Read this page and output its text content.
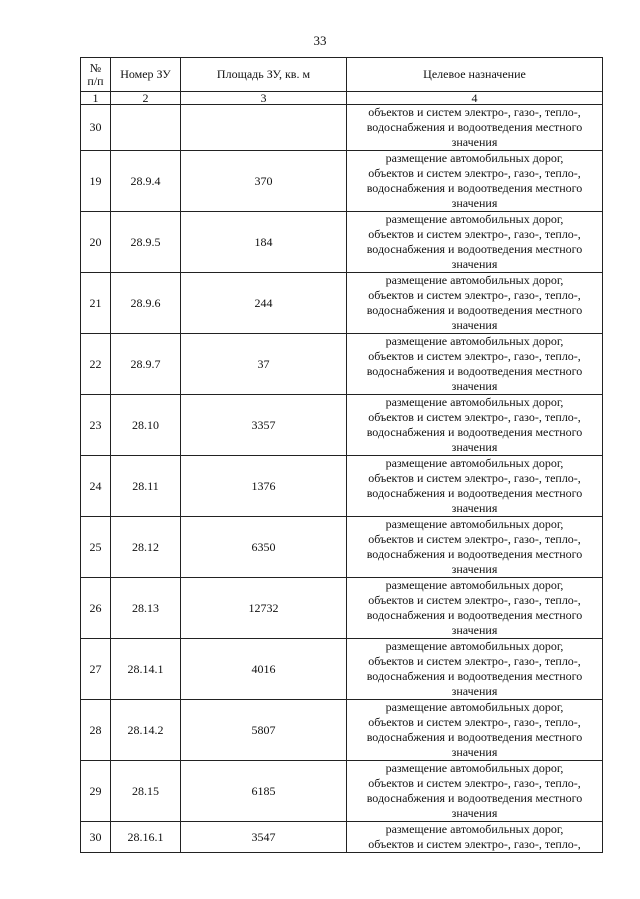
33
№
п/п	Номер ЗУ	Площадь ЗУ, кв. м	Целевое назначение
1	2	3	4
30			объектов и систем электро-, газо-, тепло-,
водоснабжения и водоотведения местного
значения

19	28.9.4	370	размещение автомобильных дорог,
объектов и систем электро-, газо-, тепло-,
водоснабжения и водоотведения местного
значения

20	28.9.5	184	размещение автомобильных дорог,
объектов и систем электро-, газо-, тепло-,
водоснабжения и водоотведения местного
значения

21	28.9.6	244	размещение автомобильных дорог,
объектов и систем электро-, газо-, тепло-,
водоснабжения и водоотведения местного
значения

22	28.9.7	37	размещение автомобильных дорог,
объектов и систем электро-, газо-, тепло-,
водоснабжения и водоотведения местного
значения

23	28.10	3357	размещение автомобильных дорог,
объектов и систем электро-, газо-, тепло-,
водоснабжения и водоотведения местного
значения

24	28.11	1376	размещение автомобильных дорог,
объектов и систем электро-, газо-, тепло-,
водоснабжения и водоотведения местного
значения

25	28.12	6350	размещение автомобильных дорог,
объектов и систем электро-, газо-, тепло-,
водоснабжения и водоотведения местного
значения

26	28.13	12732	размещение автомобильных дорог,
объектов и систем электро-, газо-, тепло-,
водоснабжения и водоотведения местного
значения

27	28.14.1	4016	размещение автомобильных дорог,
объектов и систем электро-, газо-, тепло-,
водоснабжения и водоотведения местного
значения

28	28.14.2	5807	размещение автомобильных дорог,
объектов и систем электро-, газо-, тепло-,
водоснабжения и водоотведения местного
значения

29	28.15	6185	размещение автомобильных дорог,
объектов и систем электро-, газо-, тепло-,
водоснабжения и водоотведения местного
значения

30	28.16.1	3547	размещение автомобильных дорог,
объектов и систем электро-, газо-, тепло-,
